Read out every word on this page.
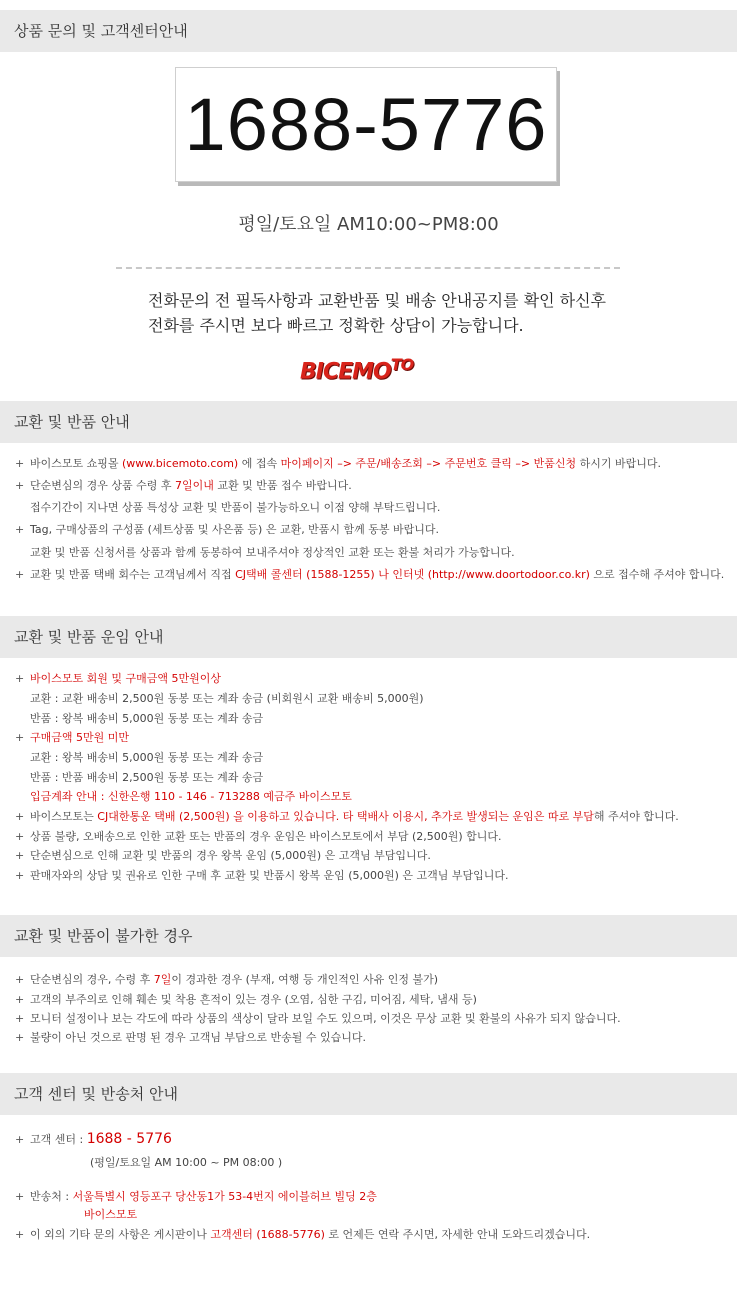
상품 문의 및 고객센터안내
1688-5776
평일/토요일 AM10:00~PM8:00
전화문의 전 필독사항과 교환반품 및 배송 안내공지를 확인 하신후
전화를 주시면 보다 빠르고 정확한 상담이 가능합니다.
$BICEMO^{TO}$
교환 및 반품 안내
+ 바이스모토 쇼핑몰 (www.bicemoto.com) 에 접속 마이페이지 –> 주문/배송조회 –> 주문번호 클릭 –> 반품신청 하시기 바랍니다.
+ 단순변심의 경우 상품 수령 후 7일이내 교환 및 반품 접수 바랍니다.
접수기간이 지나면 상품 특성상 교환 및 반품이 불가능하오니 이점 양해 부탁드립니다.
+ Tag, 구매상품의 구성품 (세트상품 및 사은품 등) 은 교환, 반품시 함께 동봉 바랍니다.
교환 및 반품 신청서를 상품과 함께 동봉하여 보내주셔야 정상적인 교환 또는 환불 처리가 가능합니다.
+ 교환 및 반품 택배 회수는 고객님께서 직접 CJ택배 콜센터 (1588-1255) 나 인터넷 (http://www.doortodoor.co.kr) 으로 접수해 주셔야 합니다.
교환 및 반품 운임 안내
+ 바이스모토 회원 및 구매금액 5만원이상
교환 : 교환 배송비 2,500원 동봉 또는 계좌 송금 (비회원시 교환 배송비 5,000원)
반품 : 왕복 배송비 5,000원 동봉 또는 계좌 송금
+ 구매금액 5만원 미만
교환 : 왕복 배송비 5,000원 동봉 또는 계좌 송금
반품 : 반품 배송비 2,500원 동봉 또는 계좌 송금
입금계좌 안내 : 신한은행 110 - 146 - 713288 예금주 바이스모토
+ 바이스모토는 CJ대한통운 택배 (2,500원) 을 이용하고 있습니다. 타 택배사 이용시, 추가로 발생되는 운임은 따로 부담해 주셔야 합니다.
+ 상품 불량, 오배송으로 인한 교환 또는 반품의 경우 운임은 바이스모토에서 부담 (2,500원) 합니다.
+ 단순변심으로 인해 교환 및 반품의 경우 왕복 운임 (5,000원) 은 고객님 부담입니다.
+ 판매자와의 상담 및 권유로 인한 구매 후 교환 및 반품시 왕복 운임 (5,000원) 은 고객님 부담입니다.
교환 및 반품이 불가한 경우
+ 단순변심의 경우, 수령 후 7일이 경과한 경우 (부재, 여행 등 개인적인 사유 인정 불가)
+ 고객의 부주의로 인해 훼손 및 착용 흔적이 있는 경우 (오염, 심한 구김, 미어짐, 세탁, 냄새 등)
+ 모니터 설정이나 보는 각도에 따라 상품의 색상이 달라 보일 수도 있으며, 이것은 무상 교환 및 환불의 사유가 되지 않습니다.
+ 불량이 아닌 것으로 판명 된 경우 고객님 부담으로 반송될 수 있습니다.
고객 센터 및 반송처 안내
+ 고객 센터 : 1688 - 5776
(평일/토요일 AM 10:00 ~ PM 08:00 )
+ 반송처 : 서울특별시 영등포구 당산동1가 53-4번지 에이블허브 빌딩 2층
바이스모토
+ 이 외의 기타 문의 사항은 게시판이나 고객센터 (1688-5776) 로 언제든 연락 주시면, 자세한 안내 도와드리겠습니다.
